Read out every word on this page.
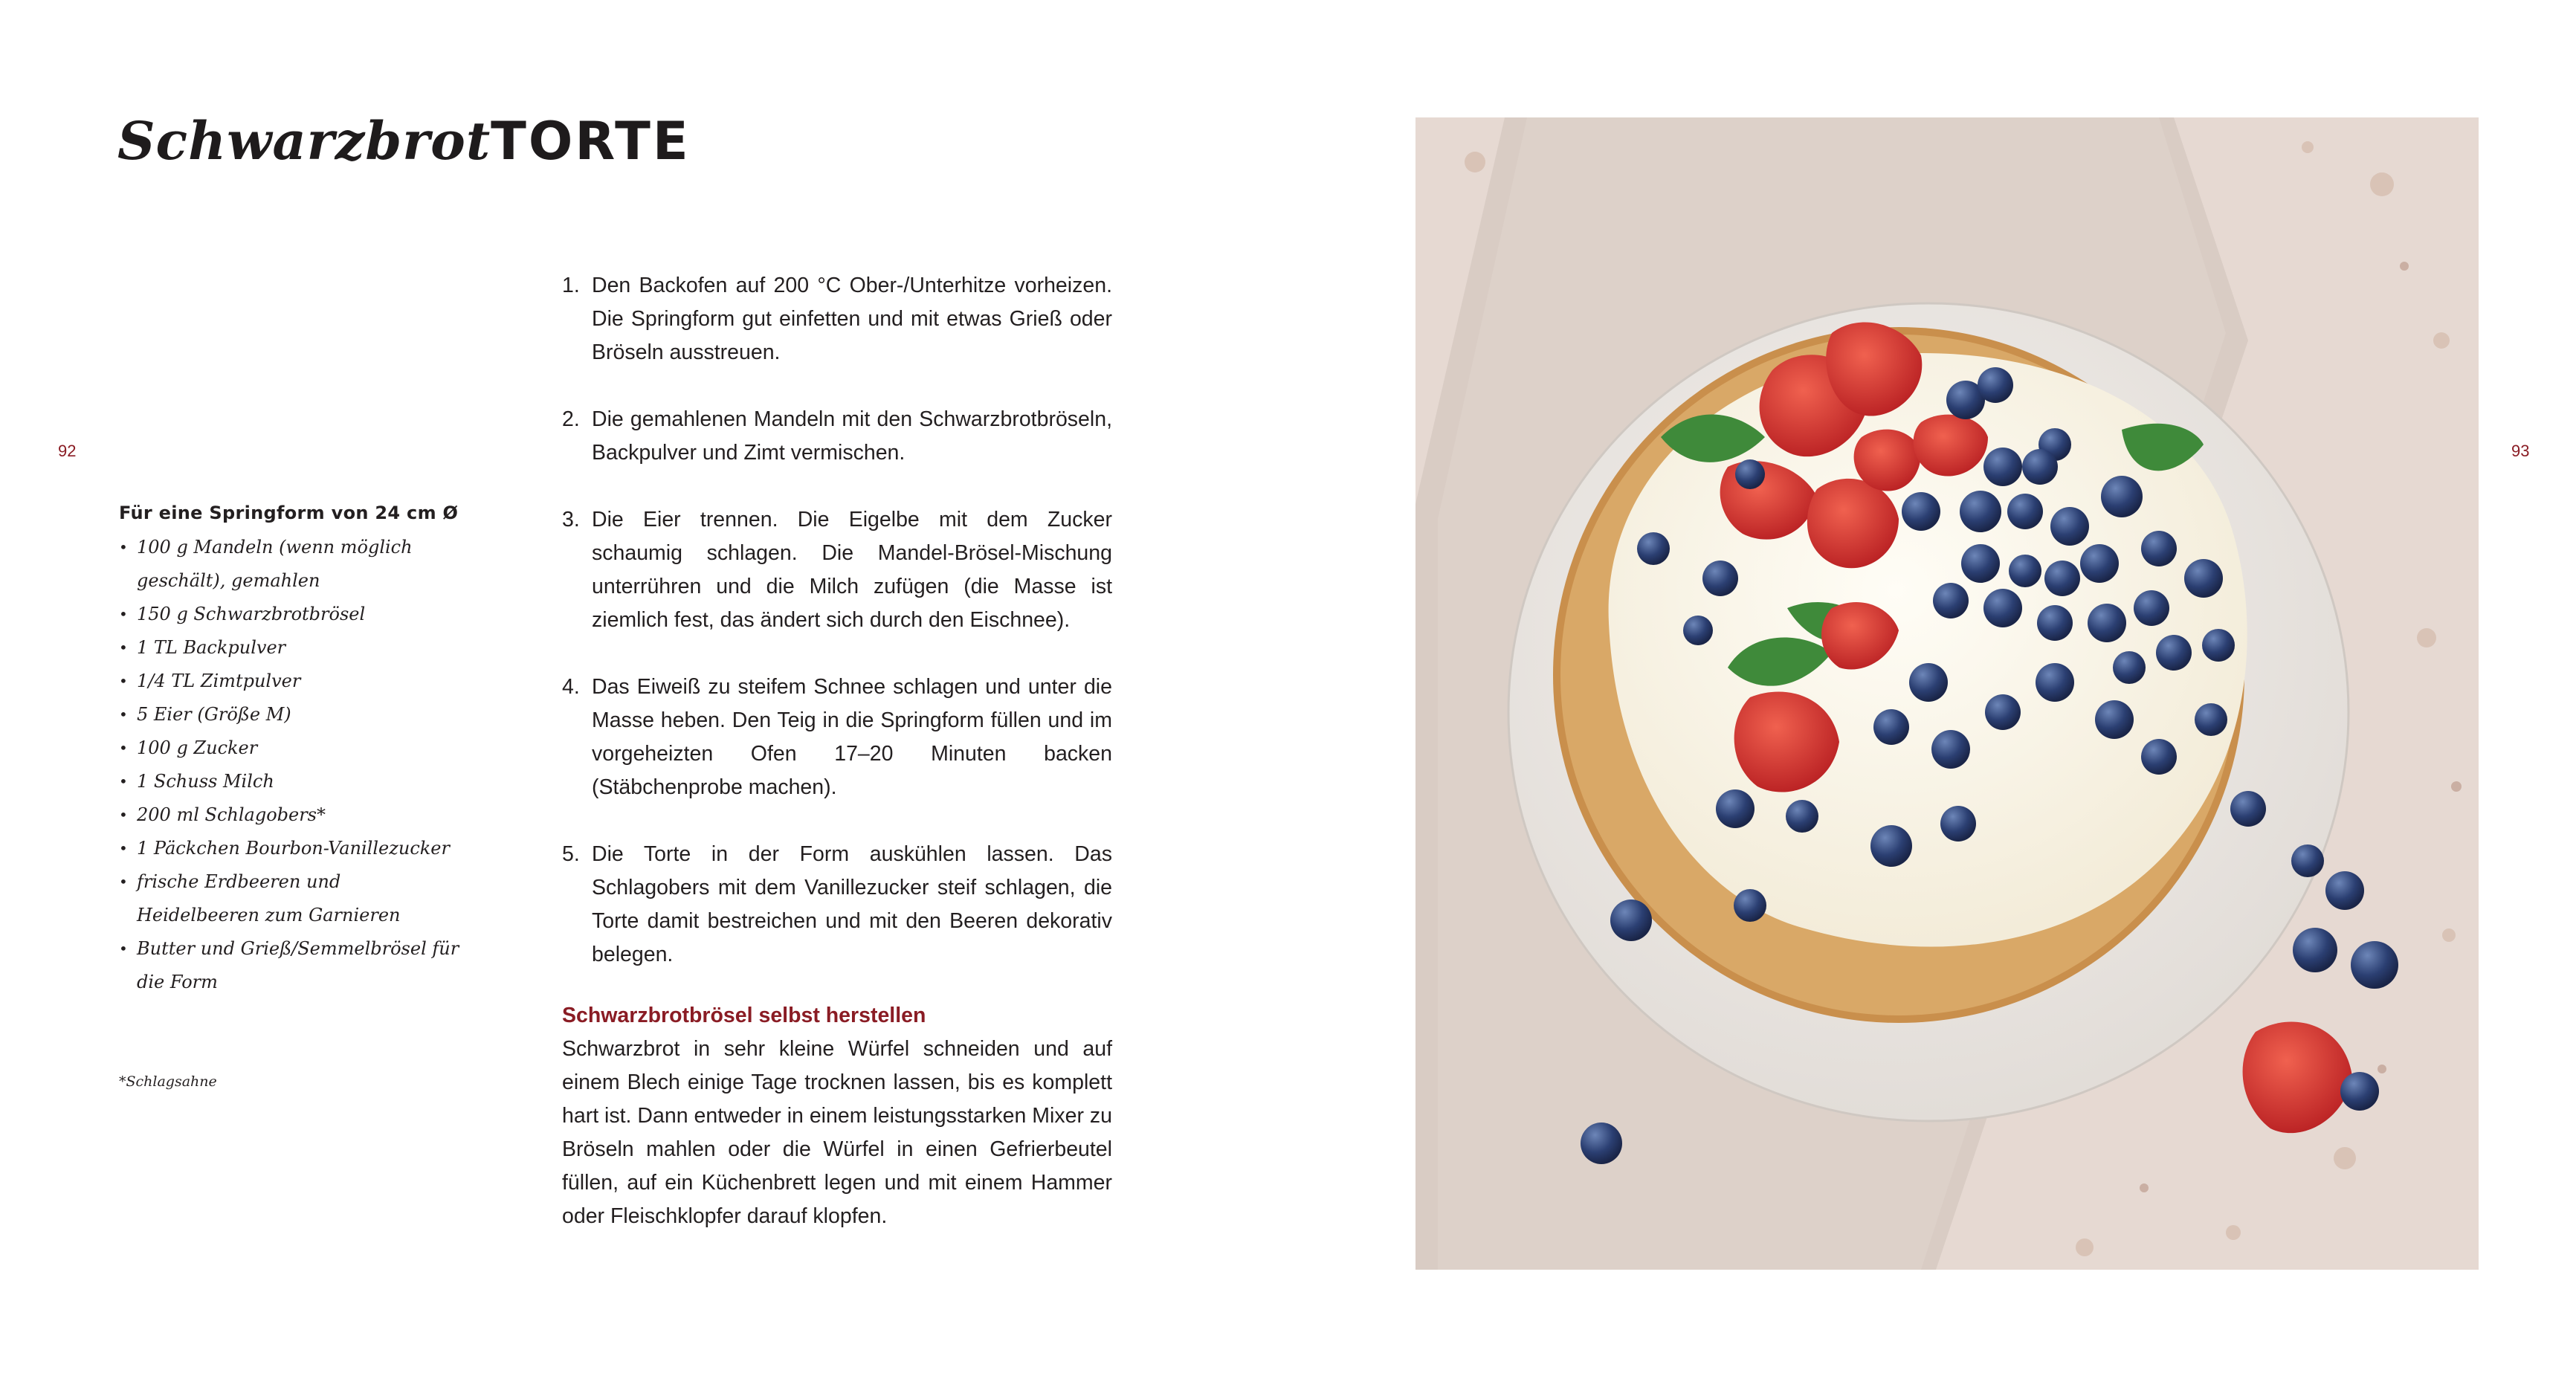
SchwarzbrotTORTE
92	93
Für eine Springform von 24 cm Ø
• 100 g Mandeln (wenn möglich geschält), gemahlen
• 150 g Schwarzbrotbrösel
• 1 TL Backpulver
• 1/4 TL Zimtpulver
• 5 Eier (Größe M)
• 100 g Zucker
• 1 Schuss Milch
• 200 ml Schlagobers*
• 1 Päckchen Bourbon-Vanillezucker
• frische Erdbeeren und Heidelbeeren zum Garnieren
• Butter und Grieß/Semmelbrösel für die Form
*Schlagsahne
1. Den Backofen auf 200 °C Ober-/Unterhitze vorheizen. Die Springform gut einfetten und mit etwas Grieß oder Bröseln ausstreuen.
2. Die gemahlenen Mandeln mit den Schwarzbrotbröseln, Backpulver und Zimt vermischen.
3. Die Eier trennen. Die Eigelbe mit dem Zucker schaumig schlagen. Die Mandel-Brösel-Mischung unterrühren und die Milch zufügen (die Masse ist ziemlich fest, das ändert sich durch den Eischnee).
4. Das Eiweiß zu steifem Schnee schlagen und unter die Masse heben. Den Teig in die Springform füllen und im vorgeheizten Ofen 17–20 Minuten backen (Stäbchenprobe machen).
5. Die Torte in der Form auskühlen lassen. Das Schlagobers mit dem Vanillezucker steif schlagen, die Torte damit bestreichen und mit den Beeren dekorativ belegen.
Schwarzbrotbrösel selbst herstellen
Schwarzbrot in sehr kleine Würfel schneiden und auf einem Blech einige Tage trocknen lassen, bis es komplett hart ist. Dann entweder in einem leistungsstarken Mixer zu Bröseln mahlen oder die Würfel in einen Gefrierbeutel füllen, auf ein Küchenbrett legen und mit einem Hammer oder Fleischklopfer darauf klopfen.
